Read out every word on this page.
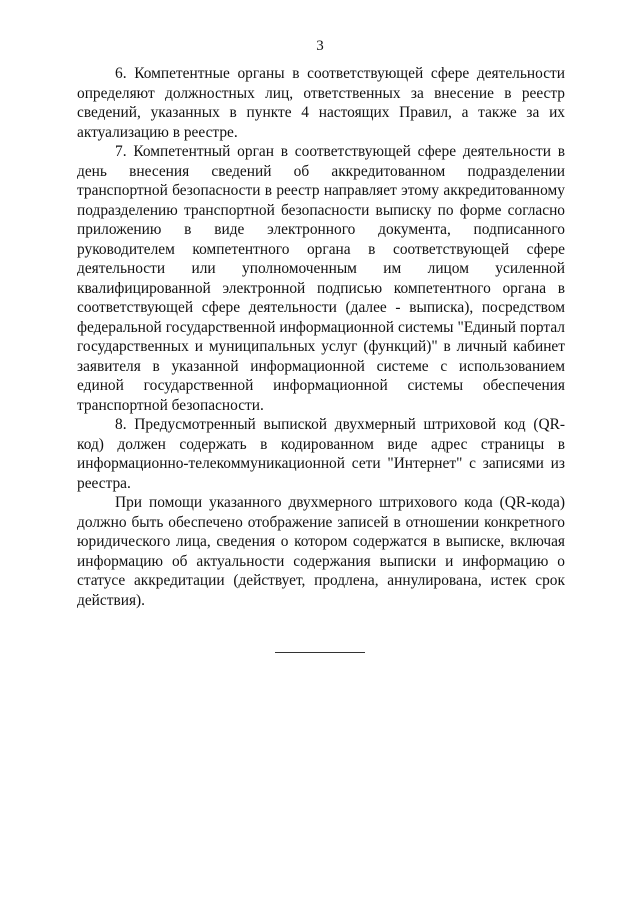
3

6. Компетентные органы в соответствующей сфере деятельности определяют должностных лиц, ответственных за внесение в реестр сведений, указанных в пункте 4 настоящих Правил, а также за их актуализацию в реестре.

7. Компетентный орган в соответствующей сфере деятельности в день внесения сведений об аккредитованном подразделении транспортной безопасности в реестр направляет этому аккредитованному подразделению транспортной безопасности выписку по форме согласно приложению в виде электронного документа, подписанного руководителем компетентного органа в соответствующей сфере деятельности или уполномоченным им лицом усиленной квалифицированной электронной подписью компетентного органа в соответствующей сфере деятельности (далее - выписка), посредством федеральной государственной информационной системы "Единый портал государственных и муниципальных услуг (функций)" в личный кабинет заявителя в указанной информационной системе с использованием единой государственной информационной системы обеспечения транспортной безопасности.

8. Предусмотренный выпиской двухмерный штриховой код (QR-код) должен содержать в кодированном виде адрес страницы в информационно-телекоммуникационной сети "Интернет" с записями из реестра.

При помощи указанного двухмерного штрихового кода (QR-кода) должно быть обеспечено отображение записей в отношении конкретного юридического лица, сведения о котором содержатся в выписке, включая информацию об актуальности содержания выписки и информацию о статусе аккредитации (действует, продлена, аннулирована, истек срок действия).
